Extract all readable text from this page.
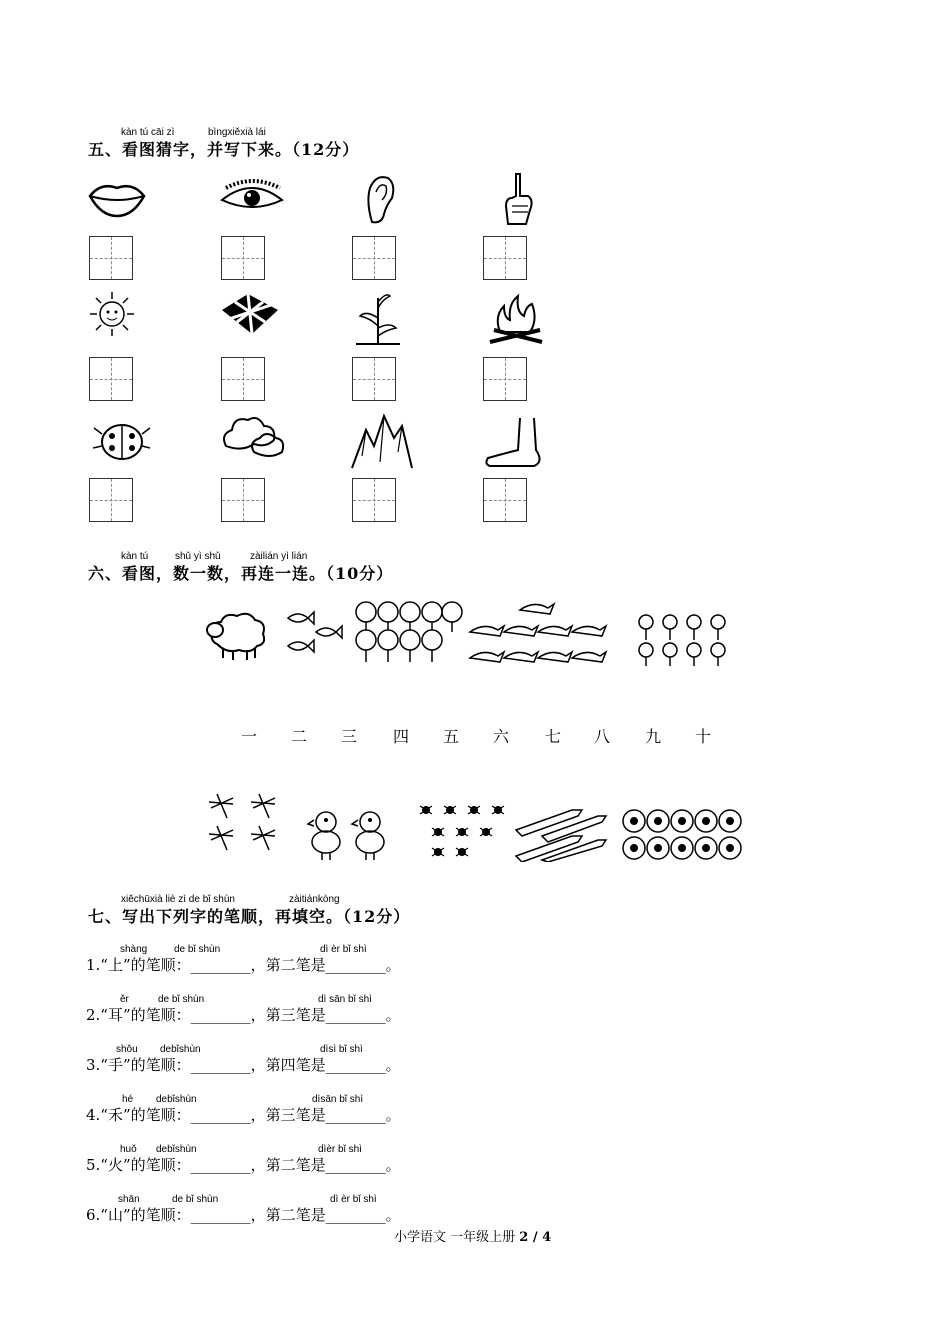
kàn tú cāi zì	bìngxiěxià lái
五、看图猜字，并写下来。（12分）
kàn tú	shǔ yì shǔ	zàilián yì lián
六、看图，数一数，再连一连。（10分）
一 二 三 四 五 六 七 八 九 十
xiěchūxià liè zì de bǐ shùn	zàitiánkòng
七、写出下列字的笔顺，再填空。（12分）
shàng	de bǐ shùn	dì èr bǐ shì
1.“上”的笔顺：________，第二笔是________。
ěr	de bǐ shùn	dì sān bǐ shì
2.“耳”的笔顺：________，第三笔是________。
shǒu debǐshùn	dìsì bǐ shì
3.“手”的笔顺：________，第四笔是________。
hé debǐshùn	dìsān bǐ shì
4.“禾”的笔顺：________，第三笔是________。
huǒ debǐshùn	dìèr bǐ shì
5.“火”的笔顺：________，第二笔是________。
shān	de bǐ shùn	dì èr bǐ shì
6.“山”的笔顺：________，第二笔是________。
小学语文 一年级上册 2 / 4
